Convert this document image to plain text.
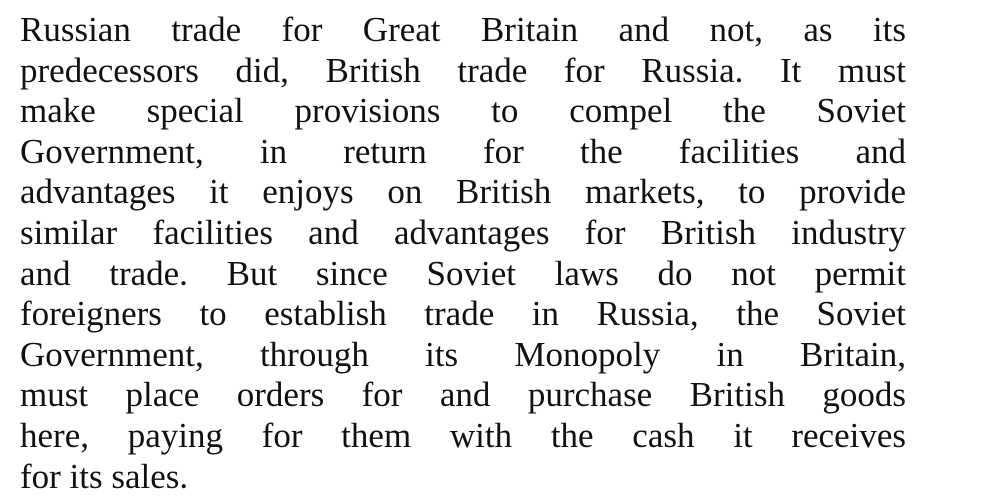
Russian trade for Great Britain and not, as its
predecessors did, British trade for Russia. It must
make special provisions to compel the Soviet
Government, in return for the facilities and
advantages it enjoys on British markets, to provide
similar facilities and advantages for British industry
and trade. But since Soviet laws do not permit
foreigners to establish trade in Russia, the Soviet
Government, through its Monopoly in Britain,
must place orders for and purchase British goods
here, paying for them with the cash it receives
for its sales.
